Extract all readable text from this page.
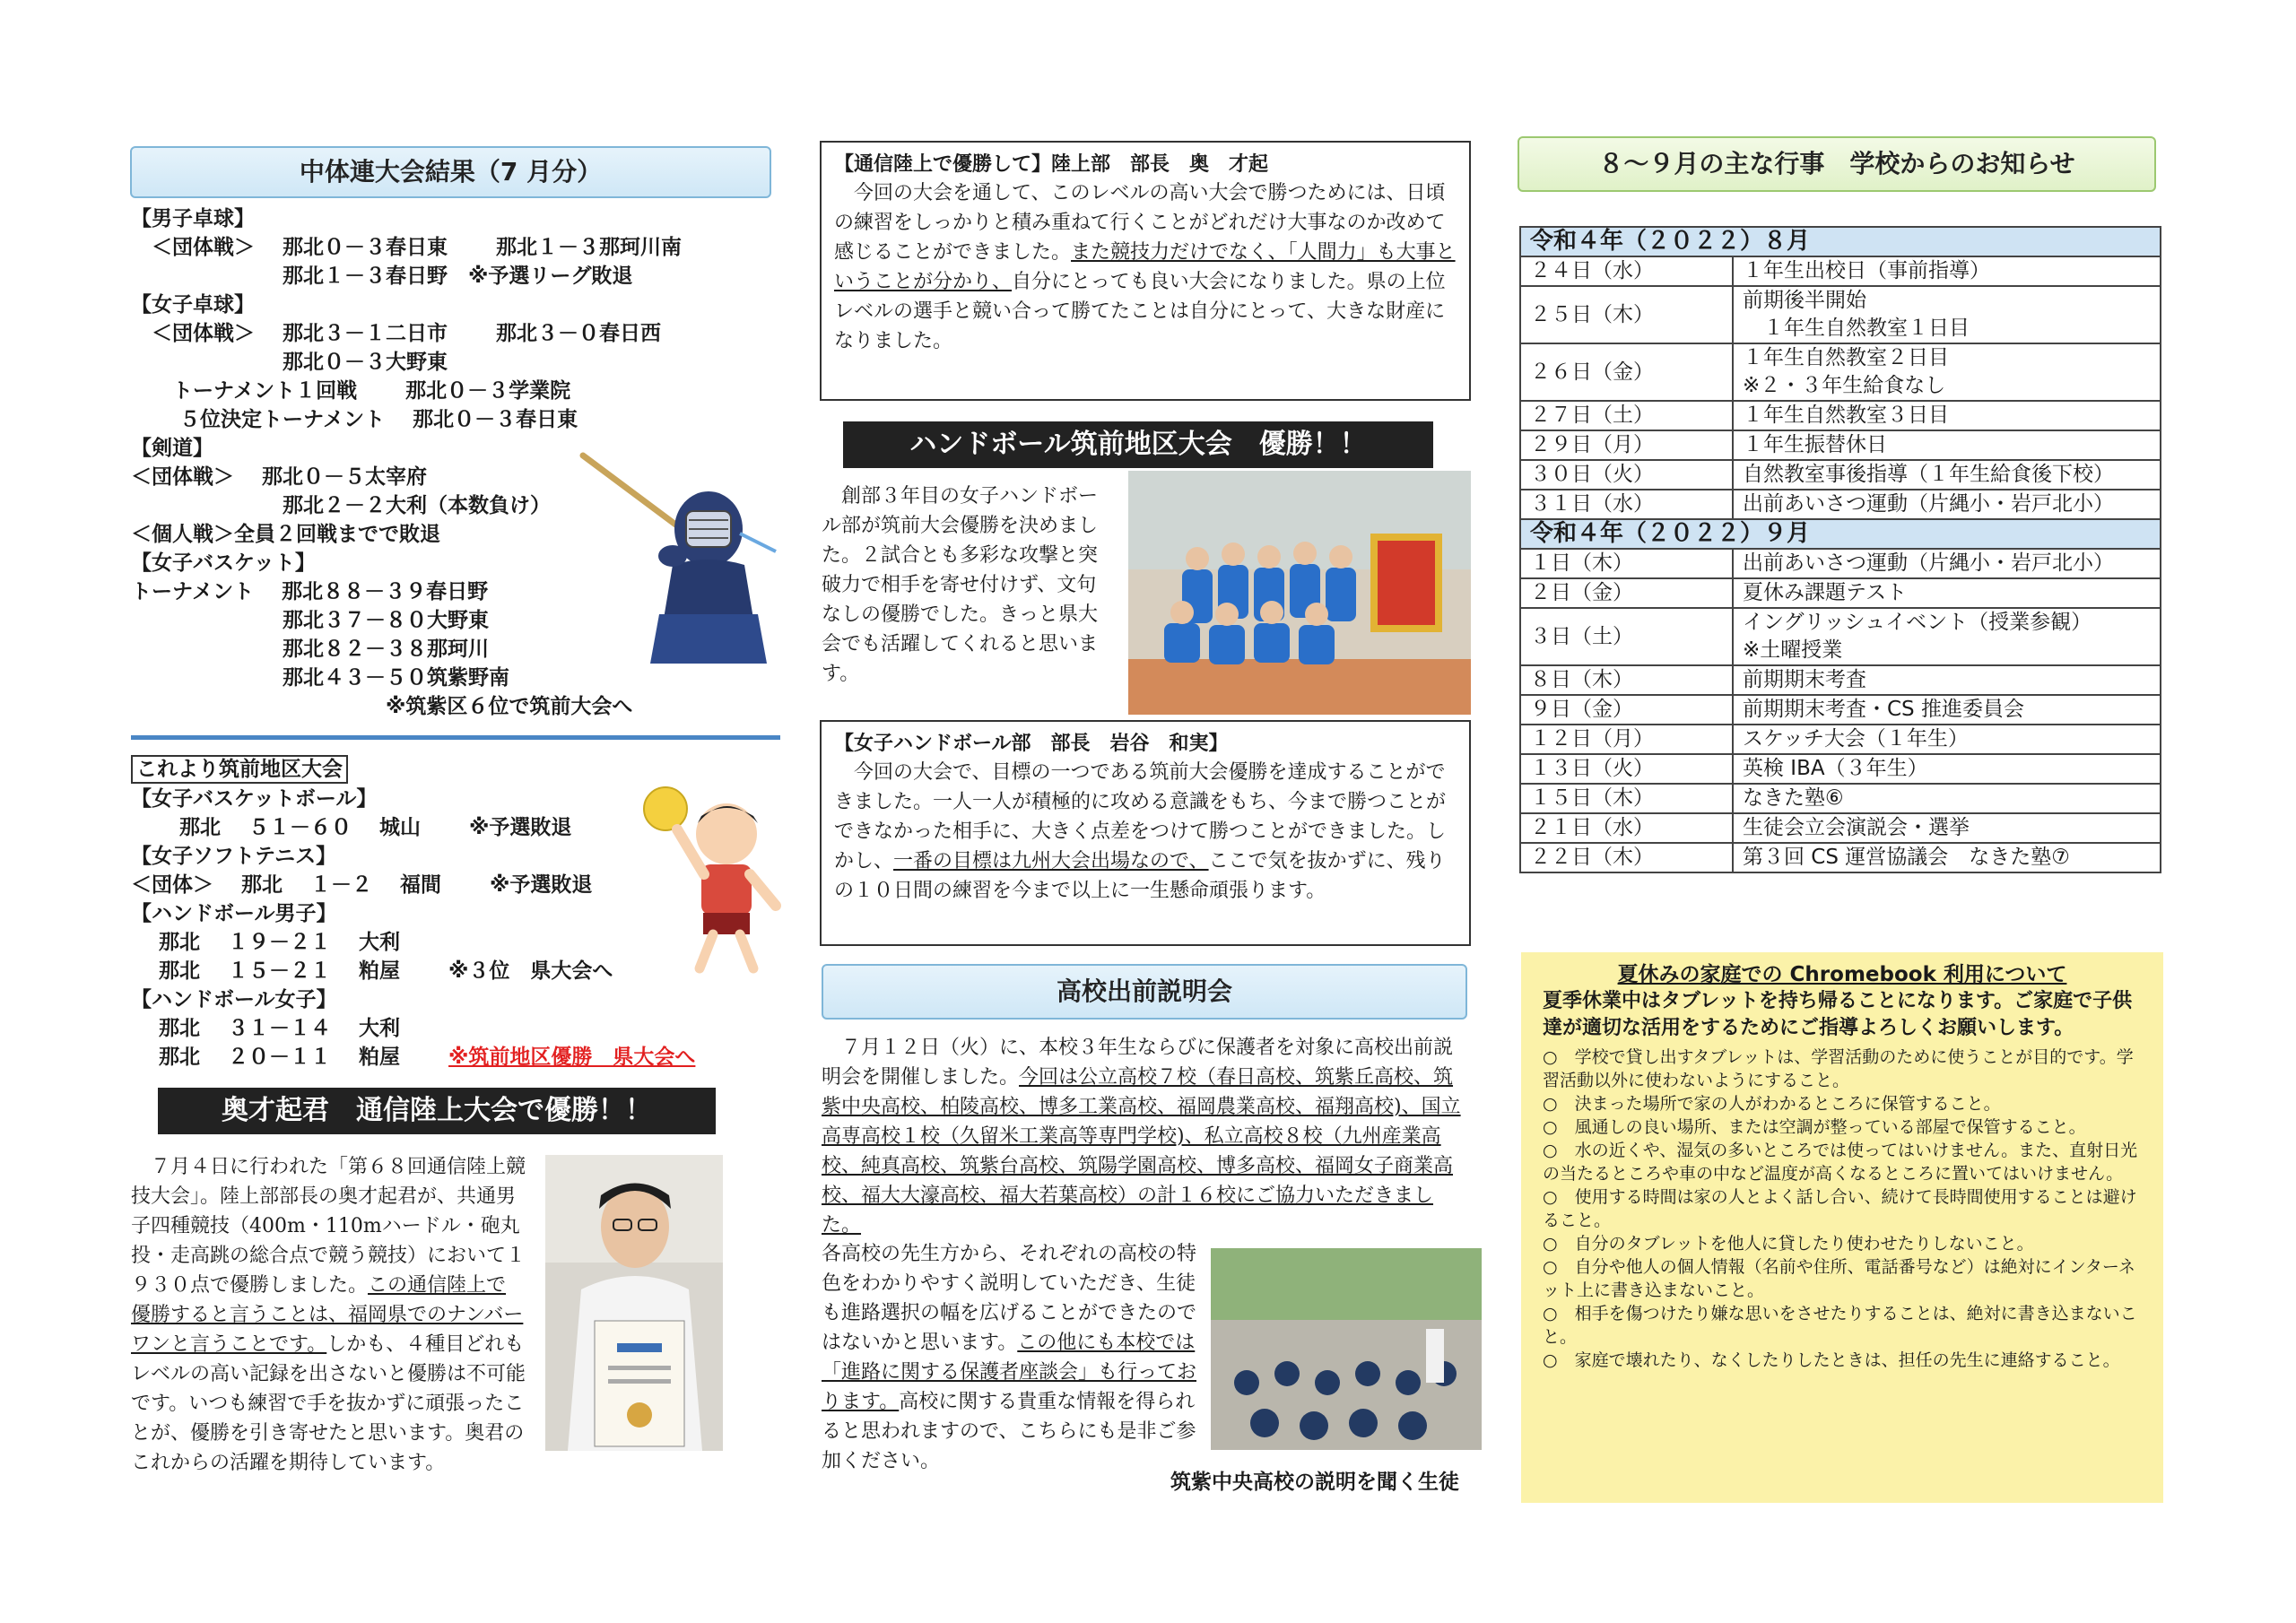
中体連大会結果（7 月分）
【男子卓球】
　＜団体戦＞　 那北０－３春日東　　 那北１－３那珂川南
　　　　　　　 那北１－３春日野　※予選リーグ敗退
【女子卓球】
　＜団体戦＞　 那北３－１二日市　　 那北３－０春日西
　　　　　　　 那北０－３大野東
　　トーナメント１回戦　　 那北０－３学業院
　　 ５位決定トーナメント　 那北０－３春日東
【剣道】
＜団体戦＞　 那北０－５太宰府
　　　　　　　 那北２－２大利（本数負け）
＜個人戦＞全員２回戦までで敗退
【女子バスケット】
トーナメント　 那北８８－３９春日野
　　　　　　　 那北３７－８０大野東
　　　　　　　 那北８２－３８那珂川
　　　　　　　 那北４３－５０筑紫野南
　　　　　　　　　　　　 ※筑紫区６位で筑前大会へ
これより筑前地区大会
【女子バスケットボール】
　　 那北　 ５１－６０　 城山　　 ※予選敗退
【女子ソフトテニス】
＜団体＞　 那北　 １－２　 福間　　 ※予選敗退
【ハンドボール男子】
　 那北　 １９－２１　 大利
　 那北　 １５－２１　 粕屋　　 ※３位　県大会へ
【ハンドボール女子】
　 那北　 ３１－１４　 大利
　 那北　 ２０－１１　 粕屋　　 ※筑前地区優勝　県大会へ
奥才起君　通信陸上大会で優勝！！
　７月４日に行われた「第６８回通信陸上競技大会」。陸上部部長の奥才起君が、共通男子四種競技（400m・110mハードル・砲丸投・走高跳の総合点で競う競技）において１９３０点で優勝しました。この通信陸上で優勝すると言うことは、福岡県でのナンバーワンと言うことです。しかも、４種目どれもレベルの高い記録を出さないと優勝は不可能です。いつも練習で手を抜かずに頑張ったことが、優勝を引き寄せたと思います。奥君のこれからの活躍を期待しています。
【通信陸上で優勝して】陸上部　部長　奥　才起
今回の大会を通して、このレベルの高い大会で勝つためには、日頃の練習をしっかりと積み重ねて行くことがどれだけ大事なのか改めて感じることができました。また競技力だけでなく、「人間力」も大事ということが分かり、自分にとっても良い大会になりました。県の上位レベルの選手と競い合って勝てたことは自分にとって、大きな財産になりました。
ハンドボール筑前地区大会　優勝！！
　創部３年目の女子ハンドボール部が筑前大会優勝を決めました。２試合とも多彩な攻撃と突破力で相手を寄せ付けず、文句なしの優勝でした。きっと県大会でも活躍してくれると思います。
【女子ハンドボール部　部長　岩谷　和実】
今回の大会で、目標の一つである筑前大会優勝を達成することができました。一人一人が積極的に攻める意識をもち、今まで勝つことができなかった相手に、大きく点差をつけて勝つことができました。しかし、一番の目標は九州大会出場なので、ここで気を抜かずに、残りの１０日間の練習を今まで以上に一生懸命頑張ります。
高校出前説明会
　７月１２日（火）に、本校３年生ならびに保護者を対象に高校出前説明会を開催しました。今回は公立高校７校（春日高校、筑紫丘高校、筑紫中央高校、柏陵高校、博多工業高校、福岡農業高校、福翔高校)、国立高専高校１校（久留米工業高等専門学校)、私立高校８校（九州産業高校、純真高校、筑紫台高校、筑陽学園高校、博多高校、福岡女子商業高校、福大大濠高校、福大若葉高校）の計１６校にご協力いただきました。
各高校の先生方から、それぞれの高校の特色をわかりやすく説明していただき、生徒も進路選択の幅を広げることができたのではないかと思います。この他にも本校では「進路に関する保護者座談会」も行っております。高校に関する貴重な情報を得られると思われますので、こちらにも是非ご参加ください。
筑紫中央高校の説明を聞く生徒
８～９月の主な行事　学校からのお知らせ
令和４年（２０２２）８月	
２４日（水）	１年生出校日（事前指導）
２５日（木）	前期後半開始
　１年生自然教室１日目

２６日（金）	１年生自然教室２日目
※２・３年生給食なし

２７日（土）	１年生自然教室３日目
２９日（月）	１年生振替休日
３０日（火）	自然教室事後指導（１年生給食後下校）
３１日（水）	出前あいさつ運動（片縄小・岩戸北小）
令和４年（２０２２）９月	
１日（木）	出前あいさつ運動（片縄小・岩戸北小）
２日（金）	夏休み課題テスト
３日（土）	イングリッシュイベント（授業参観）
※土曜授業

８日（木）	前期期末考査
９日（金）	前期期末考査・CS 推進委員会
１２日（月）	スケッチ大会（１年生）
１３日（火）	英検 IBA（３年生）
１５日（木）	なきた塾⑥
２１日（水）	生徒会立会演説会・選挙
２２日（木）	第３回 CS 運営協議会　なきた塾⑦

夏休みの家庭での Chromebook 利用について

夏季休業中はタブレットを持ち帰ることになります。ご家庭で子供達が適切な活用をするためにご指導よろしくお願いします。

○　学校で貸し出すタブレットは、学習活動のために使うことが目的です。学習活動以外に使わないようにすること。

○　決まった場所で家の人がわかるところに保管すること。

○　風通しの良い場所、または空調が整っている部屋で保管すること。

○　水の近くや、湿気の多いところでは使ってはいけません。また、直射日光の当たるところや車の中など温度が高くなるところに置いてはいけません。

○　使用する時間は家の人とよく話し合い、続けて長時間使用することは避けること。

○　自分のタブレットを他人に貸したり使わせたりしないこと。

○　自分や他人の個人情報（名前や住所、電話番号など）は絶対にインターネット上に書き込まないこと。

○　相手を傷つけたり嫌な思いをさせたりすることは、絶対に書き込まないこと。

○　家庭で壊れたり、なくしたりしたときは、担任の先生に連絡すること。
